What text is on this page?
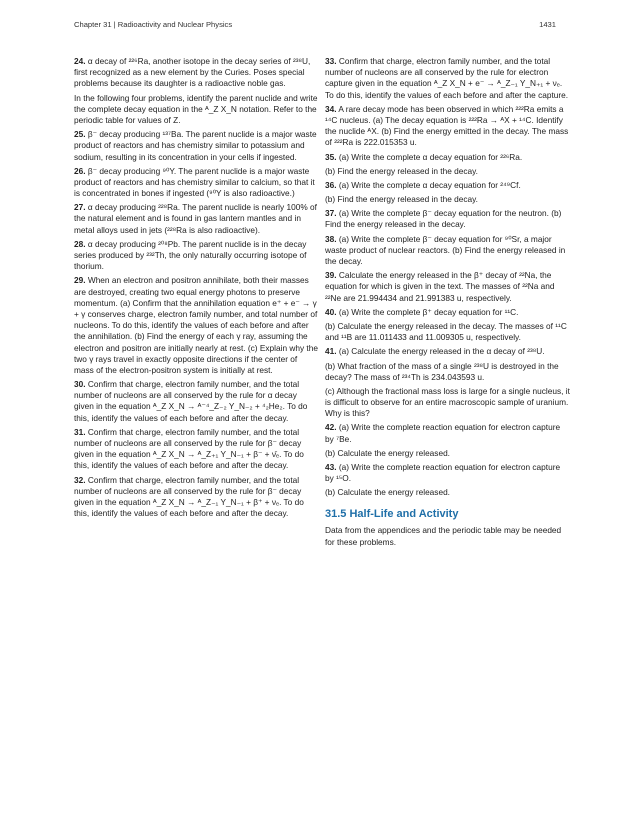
Chapter 31 | Radioactivity and Nuclear Physics	1431

24. α decay of ²²⁶Ra, another isotope in the decay series of ²³⁸U, first recognized as a new element by the Curies. Poses special problems because its daughter is a radioactive noble gas.

In the following four problems, identify the parent nuclide and write the complete decay equation in the ᴬ_Z X_N notation. Refer to the periodic table for values of Z.

25. β⁻ decay producing ¹³⁷Ba. The parent nuclide is a major waste product of reactors and has chemistry similar to potassium and sodium, resulting in its concentration in your cells if ingested.

26. β⁻ decay producing ⁹⁰Y. The parent nuclide is a major waste product of reactors and has chemistry similar to calcium, so that it is concentrated in bones if ingested (⁹⁰Y is also radioactive.)

27. α decay producing ²²⁸Ra. The parent nuclide is nearly 100% of the natural element and is found in gas lantern mantles and in metal alloys used in jets (²²⁸Ra is also radioactive).

28. α decay producing ²⁰⁸Pb. The parent nuclide is in the decay series produced by ²³²Th, the only naturally occurring isotope of thorium.

29. When an electron and positron annihilate, both their masses are destroyed, creating two equal energy photons to preserve momentum. (a) Confirm that the annihilation equation e⁺ + e⁻ → γ + γ conserves charge, electron family number, and total number of nucleons. To do this, identify the values of each before and after the annihilation. (b) Find the energy of each γ ray, assuming the electron and positron are initially nearly at rest. (c) Explain why the two γ rays travel in exactly opposite directions if the center of mass of the electron-positron system is initially at rest.

30. Confirm that charge, electron family number, and the total number of nucleons are all conserved by the rule for α decay given in the equation ᴬ_Z X_N → ᴬ⁻⁴_Z₋₂ Y_N₋₂ + ⁴₂He₂. To do this, identify the values of each before and after the decay.

31. Confirm that charge, electron family number, and the total number of nucleons are all conserved by the rule for β⁻ decay given in the equation ᴬ_Z X_N → ᴬ_Z₊₁ Y_N₋₁ + β⁻ + ν̄ₑ. To do this, identify the values of each before and after the decay.

32. Confirm that charge, electron family number, and the total number of nucleons are all conserved by the rule for β⁻ decay given in the equation ᴬ_Z X_N → ᴬ_Z₋₁ Y_N₋₁ + β⁺ + νₑ. To do this, identify the values of each before and after the decay.

33. Confirm that charge, electron family number, and the total number of nucleons are all conserved by the rule for electron capture given in the equation ᴬ_Z X_N + e⁻ → ᴬ_Z₋₁ Y_N₊₁ + νₑ. To do this, identify the values of each before and after the capture.

34. A rare decay mode has been observed in which ²²²Ra emits a ¹⁴C nucleus. (a) The decay equation is ²²²Ra → ᴬX + ¹⁴C. Identify the nuclide ᴬX. (b) Find the energy emitted in the decay. The mass of ²²²Ra is 222.015353 u.

35. (a) Write the complete α decay equation for ²²⁶Ra.

(b) Find the energy released in the decay.

36. (a) Write the complete α decay equation for ²⁴⁹Cf.

(b) Find the energy released in the decay.

37. (a) Write the complete β⁻ decay equation for the neutron. (b) Find the energy released in the decay.

38. (a) Write the complete β⁻ decay equation for ⁹⁰Sr, a major waste product of nuclear reactors. (b) Find the energy released in the decay.

39. Calculate the energy released in the β⁺ decay of ²²Na, the equation for which is given in the text. The masses of ²²Na and ²²Ne are 21.994434 and 21.991383 u, respectively.

40. (a) Write the complete β⁺ decay equation for ¹¹C.

(b) Calculate the energy released in the decay. The masses of ¹¹C and ¹¹B are 11.011433 and 11.009305 u, respectively.

41. (a) Calculate the energy released in the α decay of ²³⁸U.

(b) What fraction of the mass of a single ²³⁸U is destroyed in the decay? The mass of ²³⁴Th is 234.043593 u.

(c) Although the fractional mass loss is large for a single nucleus, it is difficult to observe for an entire macroscopic sample of uranium. Why is this?

42. (a) Write the complete reaction equation for electron capture by ⁷Be.

(b) Calculate the energy released.

43. (a) Write the complete reaction equation for electron capture by ¹⁵O.

(b) Calculate the energy released.

31.5 Half-Life and Activity

Data from the appendices and the periodic table may be needed for these problems.
